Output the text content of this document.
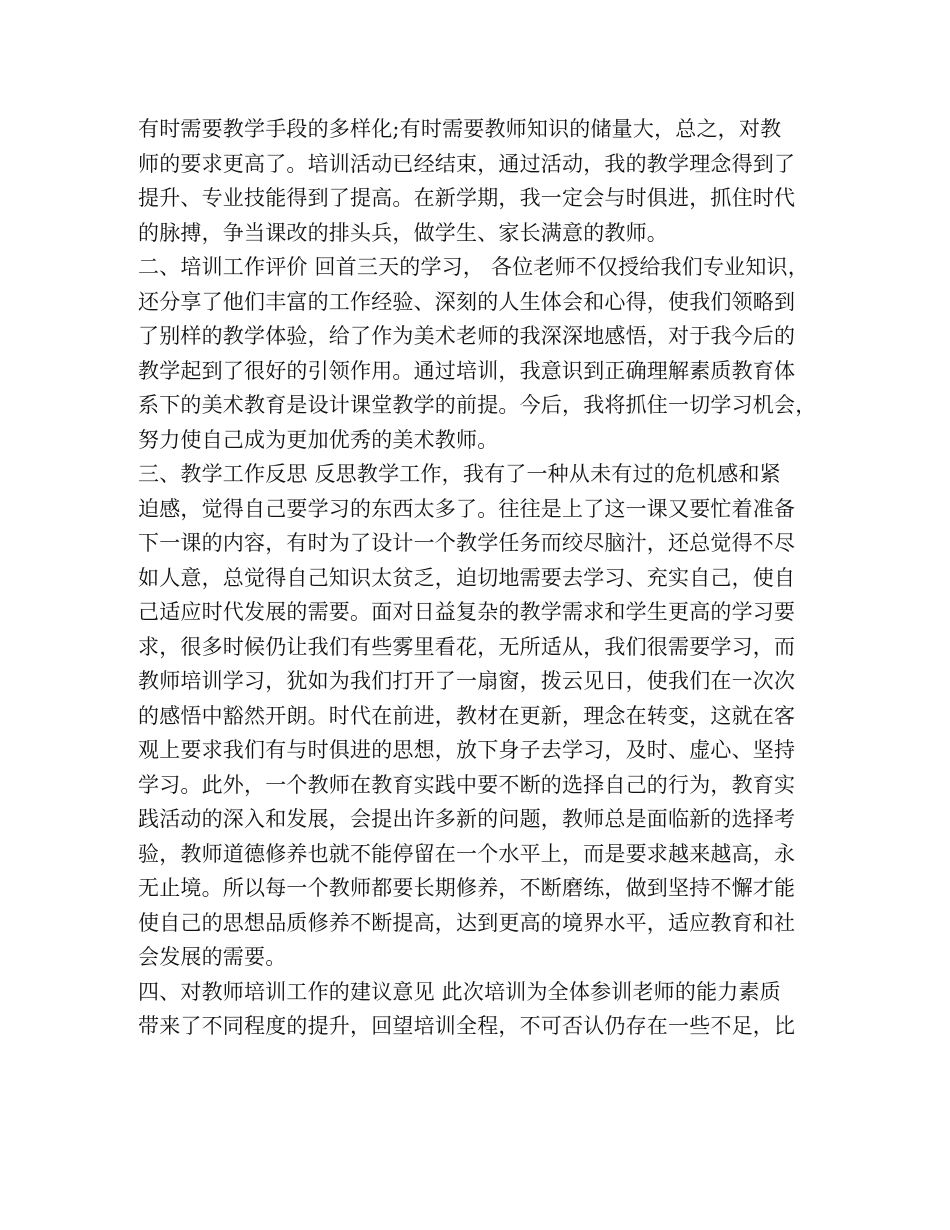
有时需要教学手段的多样化;有时需要教师知识的储量大，总之，对教
师的要求更高了。培训活动已经结束，通过活动，我的教学理念得到了
提升、专业技能得到了提高。在新学期，我一定会与时俱进，抓住时代
的脉搏，争当课改的排头兵，做学生、家长满意的教师。
二、培训工作评价 回首三天的学习， 各位老师不仅授给我们专业知识，
还分享了他们丰富的工作经验、深刻的人生体会和心得，使我们领略到
了别样的教学体验，给了作为美术老师的我深深地感悟，对于我今后的
教学起到了很好的引领作用。通过培训，我意识到正确理解素质教育体
系下的美术教育是设计课堂教学的前提。今后，我将抓住一切学习机会，
努力使自己成为更加优秀的美术教师。
三、教学工作反思 反思教学工作，我有了一种从未有过的危机感和紧
迫感，觉得自己要学习的东西太多了。往往是上了这一课又要忙着准备
下一课的内容，有时为了设计一个教学任务而绞尽脑汁，还总觉得不尽
如人意，总觉得自己知识太贫乏，迫切地需要去学习、充实自己，使自
己适应时代发展的需要。面对日益复杂的教学需求和学生更高的学习要
求，很多时候仍让我们有些雾里看花，无所适从，我们很需要学习，而
教师培训学习，犹如为我们打开了一扇窗，拨云见日，使我们在一次次
的感悟中豁然开朗。时代在前进，教材在更新，理念在转变，这就在客
观上要求我们有与时俱进的思想，放下身子去学习，及时、虚心、坚持
学习。此外，一个教师在教育实践中要不断的选择自己的行为，教育实
践活动的深入和发展，会提出许多新的问题，教师总是面临新的选择考
验，教师道德修养也就不能停留在一个水平上，而是要求越来越高，永
无止境。所以每一个教师都要长期修养，不断磨练，做到坚持不懈才能
使自己的思想品质修养不断提高，达到更高的境界水平，适应教育和社
会发展的需要。
四、对教师培训工作的建议意见 此次培训为全体参训老师的能力素质
带来了不同程度的提升，回望培训全程，不可否认仍存在一些不足，比
